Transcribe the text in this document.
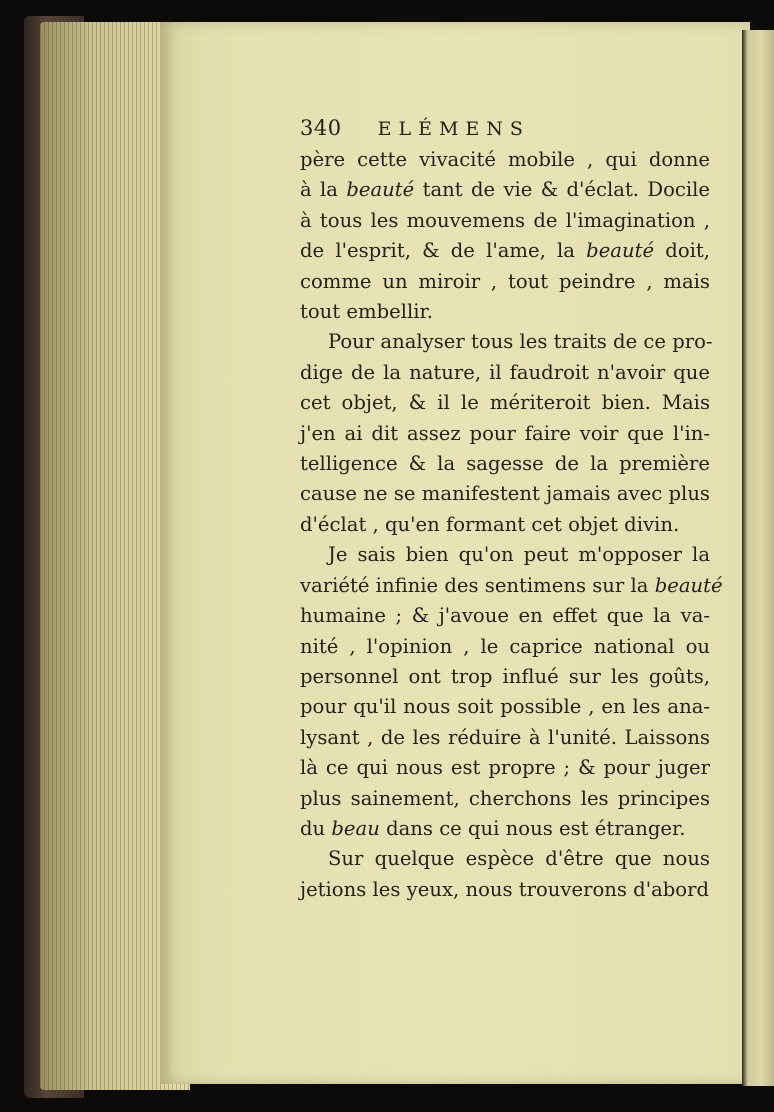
340 ELÉMENS

père cette vivacité mobile , qui donne
à la beauté tant de vie & d'éclat. Docile
à tous les mouvemens de l'imagination ,
de l'esprit, & de l'ame, la beauté doit,
comme un miroir , tout peindre , mais
tout embellir.

Pour analyser tous les traits de ce pro-
dige de la nature, il faudroit n'avoir que
cet objet, & il le mériteroit bien. Mais
j'en ai dit assez pour faire voir que l'in-
telligence & la sagesse de la première
cause ne se manifestent jamais avec plus
d'éclat , qu'en formant cet objet divin.

Je sais bien qu'on peut m'opposer la
variété infinie des sentimens sur la beauté
humaine ; & j'avoue en effet que la va-
nité , l'opinion , le caprice national ou
personnel ont trop influé sur les goûts,
pour qu'il nous soit possible , en les ana-
lysant , de les réduire à l'unité. Laissons
là ce qui nous est propre ; & pour juger
plus sainement, cherchons les principes
du beau dans ce qui nous est étranger.

Sur quelque espèce d'être que nous
jetions les yeux, nous trouverons d'abord
